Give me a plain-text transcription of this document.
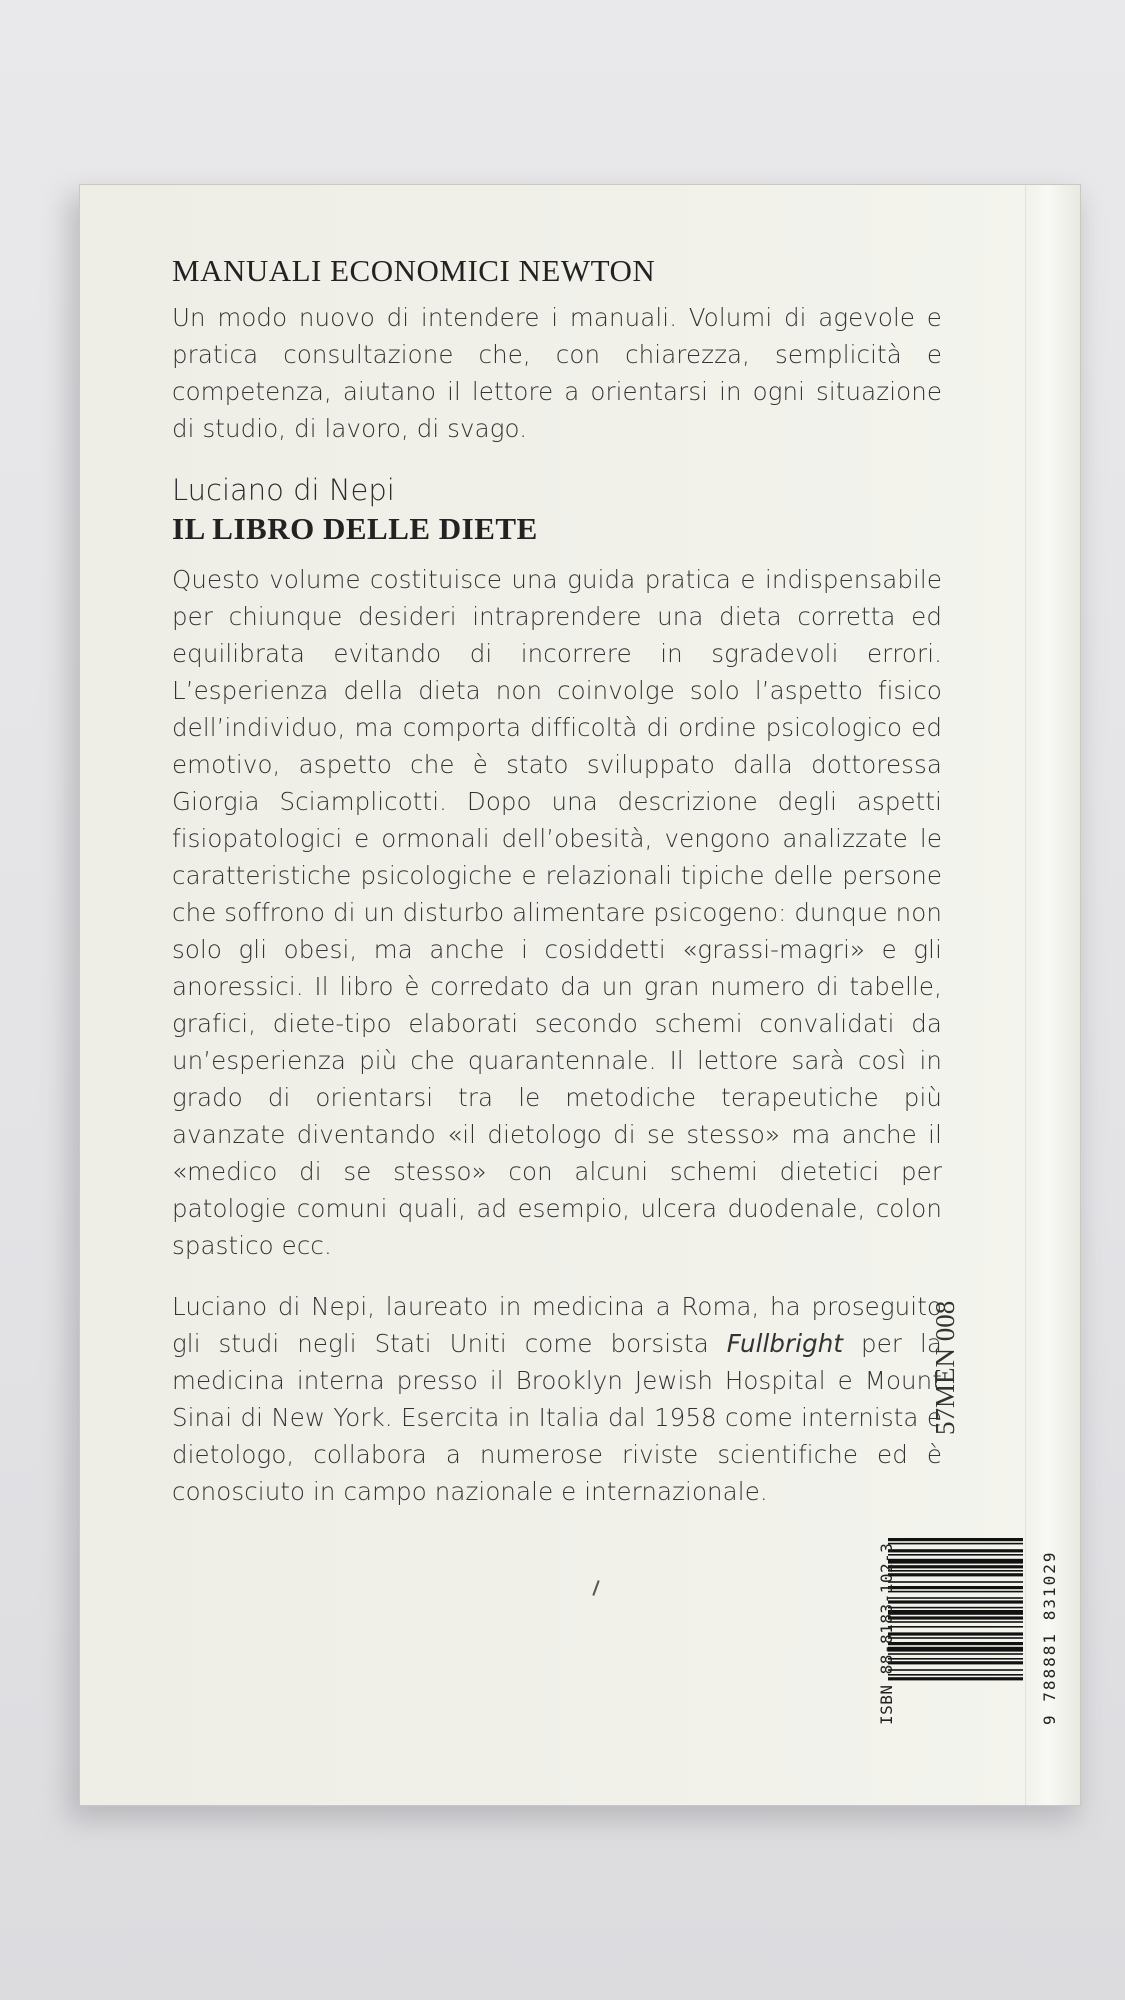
MANUALI ECONOMICI NEWTON

Un modo nuovo di intendere i manuali. Volumi di agevole e pratica consultazione che, con chiarezza, semplicità e competenza, aiutano il lettore a orientarsi in ogni situazione di studio, di lavoro, di svago.

Luciano di Nepi

IL LIBRO DELLE DIETE

Questo volume costituisce una guida pratica e indispensabile per chiunque desideri intraprendere una dieta corretta ed equilibrata evitando di incorrere in sgradevoli errori. L’esperienza della dieta non coinvolge solo l’aspetto fisico dell’individuo, ma comporta difficoltà di ordine psicologico ed emotivo, aspetto che è stato sviluppato dalla dottoressa Giorgia Sciamplicotti. Dopo una descrizione degli aspetti fisiopatologici e ormonali dell’obesità, vengono analizzate le caratteristiche psicologiche e relazionali tipiche delle persone che soffrono di un disturbo alimentare psicogeno: dunque non solo gli obesi, ma anche i cosiddetti «grassi-magri» e gli anoressici. Il libro è corredato da un gran numero di tabelle, grafici, diete-tipo elaborati secondo schemi convalidati da un’esperienza più che quarantennale. Il lettore sarà così in grado di orientarsi tra le metodiche terapeutiche più avanzate diventando «il dietologo di se stesso» ma anche il «medico di se stesso» con alcuni schemi dietetici per patologie comuni quali, ad esempio, ulcera duodenale, colon spastico ecc.

Luciano di Nepi, laureato in medicina a Roma, ha proseguito gli studi negli Stati Uniti come borsista Fullbright per la medicina interna presso il Brooklyn Jewish Hospital e Mount Sinai di New York. Esercita in Italia dal 1958 come internista e dietologo, collabora a numerose riviste scientifiche ed è conosciuto in campo nazionale e internazionale.

57MEN 008
ISBN 88-8183-102-3	9 788881 831029
